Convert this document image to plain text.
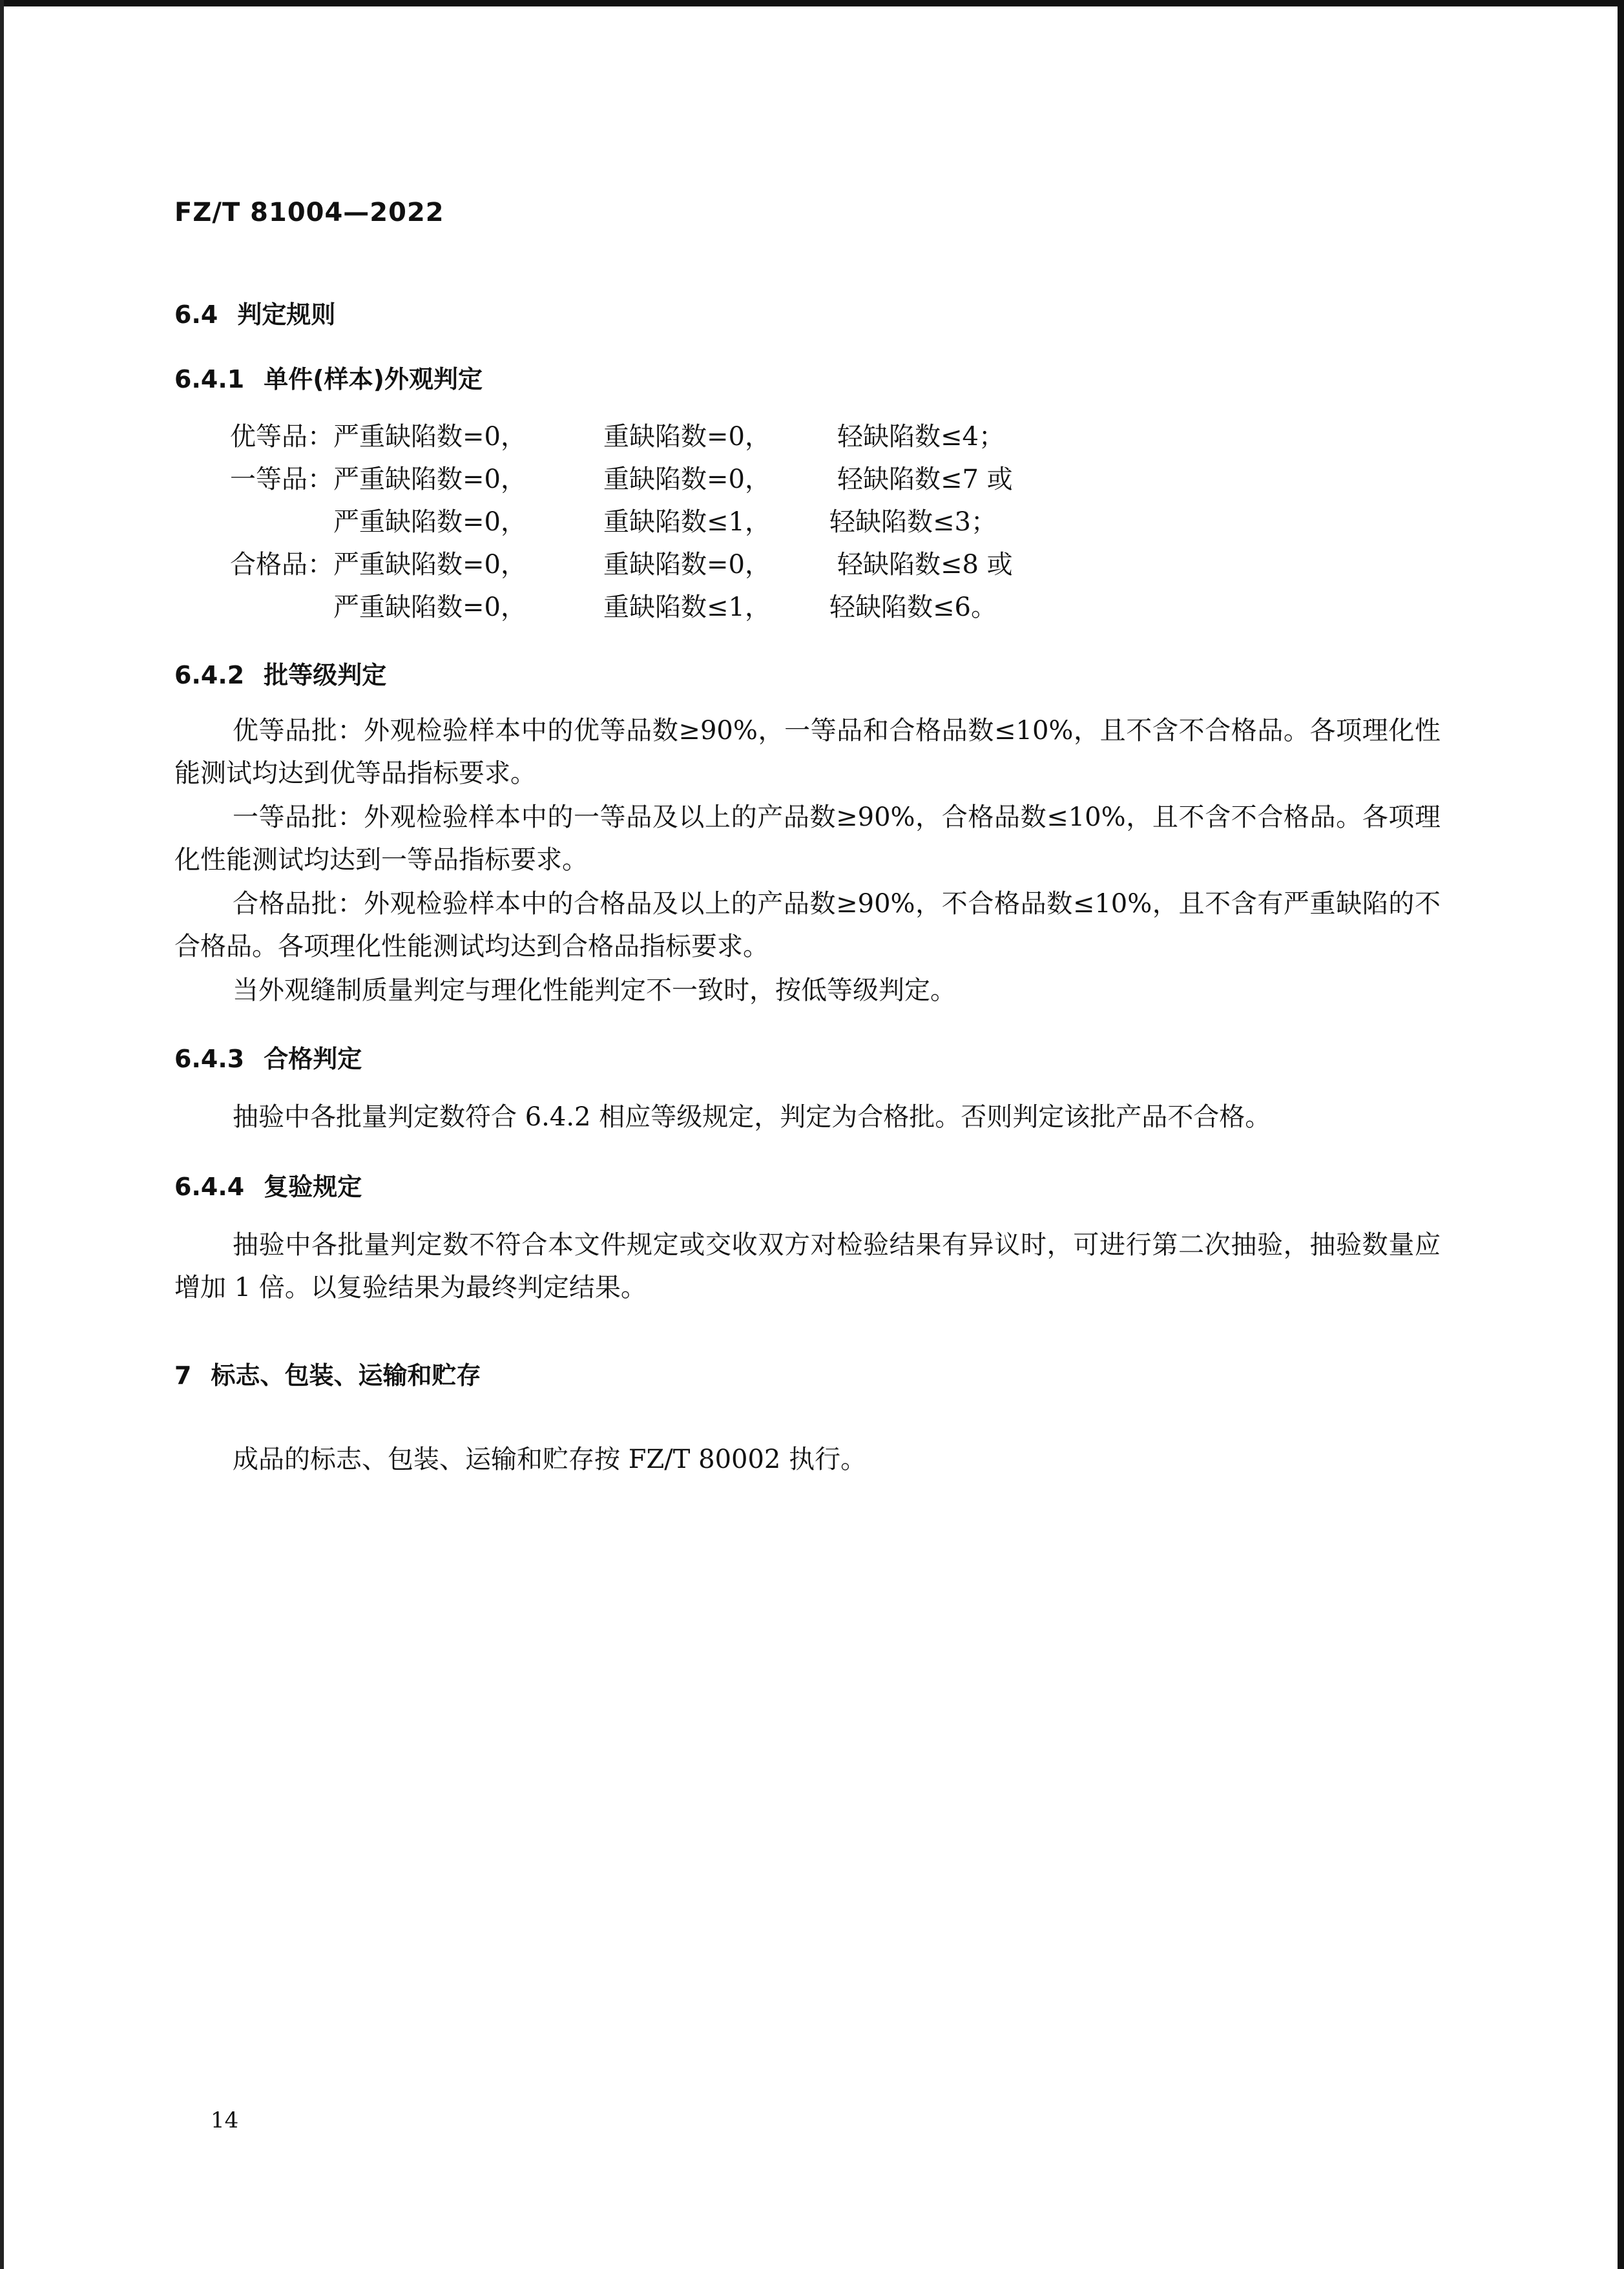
FZ/T 81004—2022
6.4 判定规则
6.4.1 单件(样本)外观判定
优等品： 严重缺陷数=0，	重缺陷数=0，	轻缺陷数≤4；
一等品： 严重缺陷数=0，	重缺陷数=0，	轻缺陷数≤7 或
严重缺陷数=0，	重缺陷数≤1， 轻缺陷数≤3；
合格品： 严重缺陷数=0，	重缺陷数=0，	轻缺陷数≤8 或
严重缺陷数=0，	重缺陷数≤1， 轻缺陷数≤6。
6.4.2 批等级判定
优等品批：外观检验样本中的优等品数≥90%，一等品和合格品数≤10%，且不含不合格品。各项理化性能测试均达到优等品指标要求。
一等品批：外观检验样本中的一等品及以上的产品数≥90%，合格品数≤10%，且不含不合格品。各项理化性能测试均达到一等品指标要求。
合格品批：外观检验样本中的合格品及以上的产品数≥90%，不合格品数≤10%，且不含有严重缺陷的不合格品。各项理化性能测试均达到合格品指标要求。
当外观缝制质量判定与理化性能判定不一致时，按低等级判定。
6.4.3 合格判定
抽验中各批量判定数符合 6.4.2 相应等级规定，判定为合格批。否则判定该批产品不合格。
6.4.4 复验规定
抽验中各批量判定数不符合本文件规定或交收双方对检验结果有异议时，可进行第二次抽验，抽验数量应增加 1 倍。以复验结果为最终判定结果。
7 标志、包装、运输和贮存
成品的标志、包装、运输和贮存按 FZ/T 80002 执行。
14
